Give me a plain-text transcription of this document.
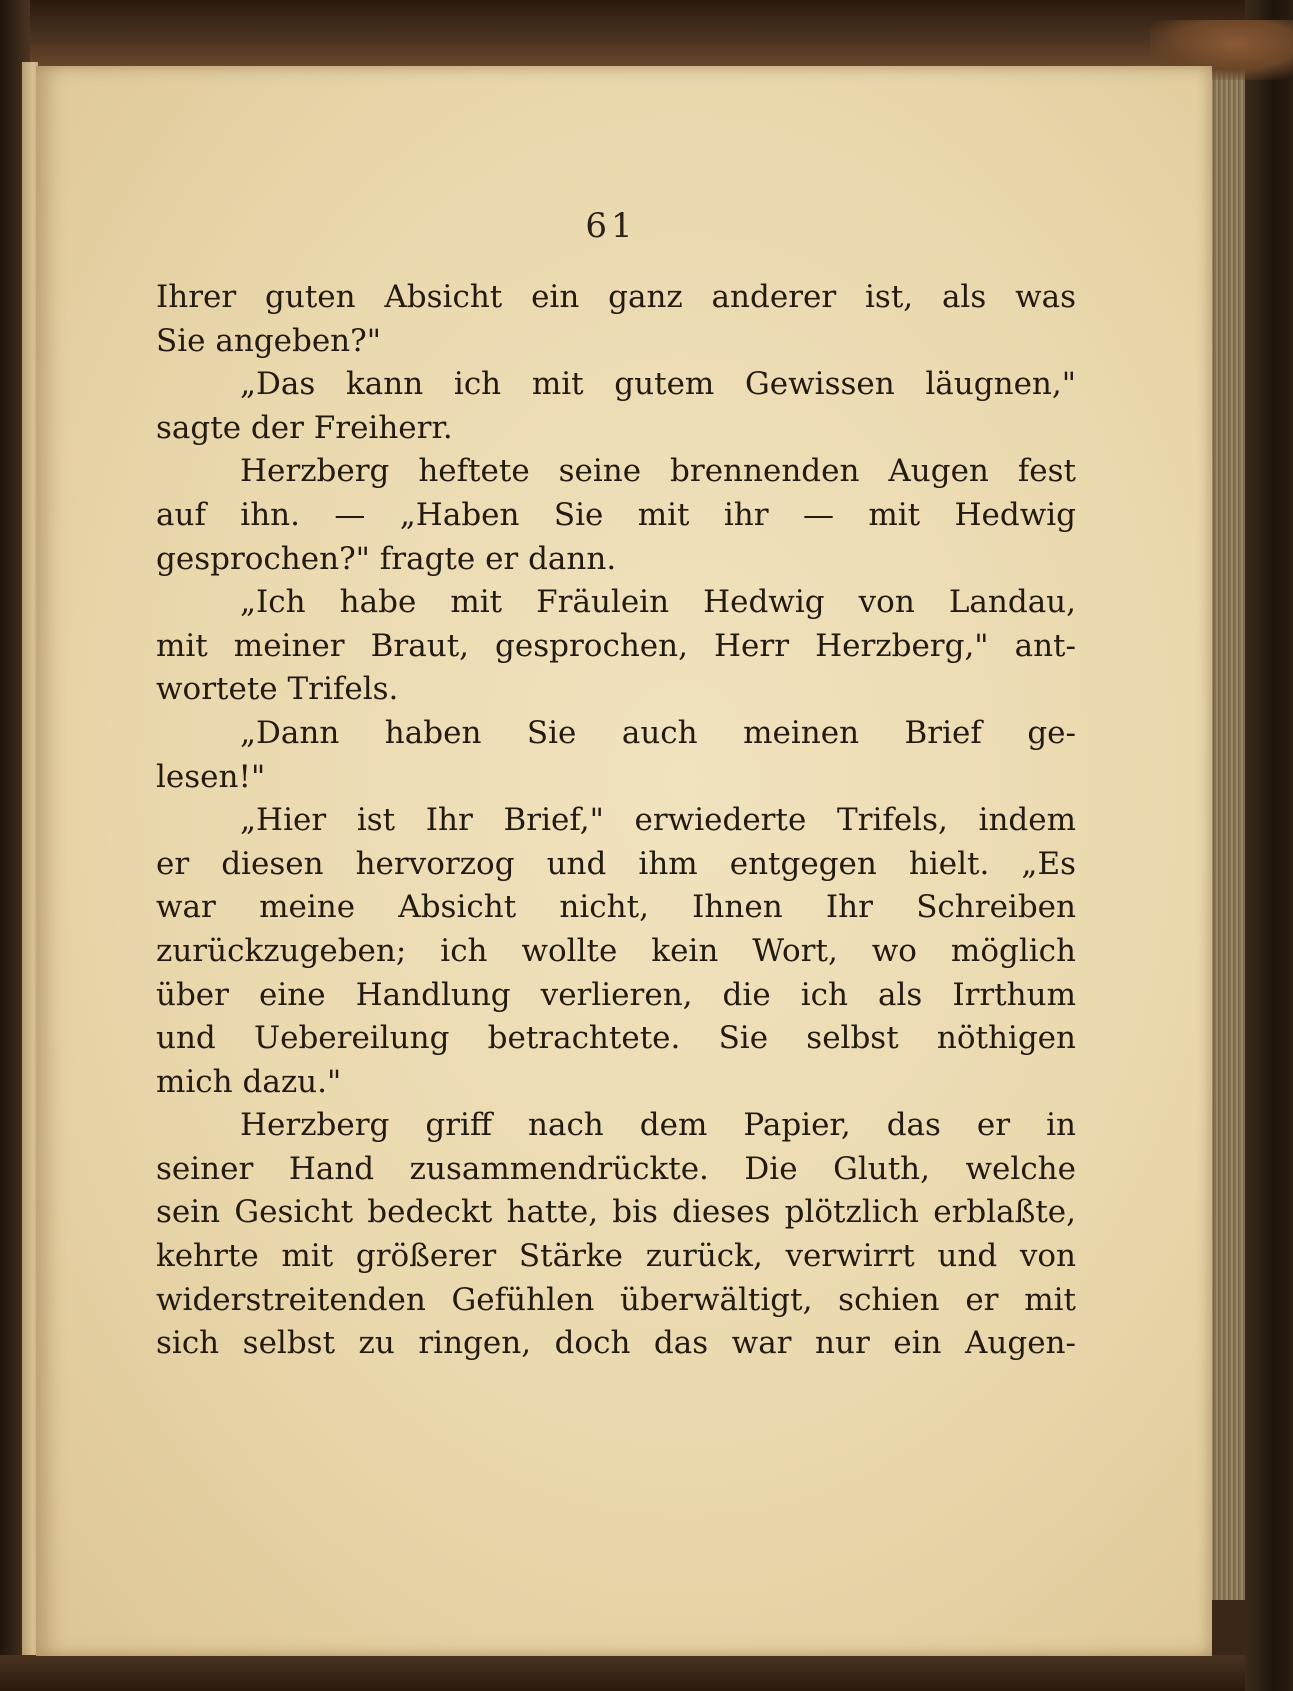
61
Ihrer guten Absicht ein ganz anderer ist, als was
Sie angeben?"
„Das kann ich mit gutem Gewissen läugnen,"
sagte der Freiherr.
Herzberg heftete seine brennenden Augen fest
auf ihn. — „Haben Sie mit ihr — mit Hedwig
gesprochen?" fragte er dann.
„Ich habe mit Fräulein Hedwig von Landau,
mit meiner Braut, gesprochen, Herr Herzberg," ant-
wortete Trifels.
„Dann haben Sie auch meinen Brief ge-
lesen!"
„Hier ist Ihr Brief," erwiederte Trifels, indem
er diesen hervorzog und ihm entgegen hielt. „Es
war meine Absicht nicht, Ihnen Ihr Schreiben
zurückzugeben; ich wollte kein Wort, wo möglich
über eine Handlung verlieren, die ich als Irrthum
und Uebereilung betrachtete. Sie selbst nöthigen
mich dazu."
Herzberg griff nach dem Papier, das er in
seiner Hand zusammendrückte. Die Gluth, welche
sein Gesicht bedeckt hatte, bis dieses plötzlich erblaßte,
kehrte mit größerer Stärke zurück, verwirrt und von
widerstreitenden Gefühlen überwältigt, schien er mit
sich selbst zu ringen, doch das war nur ein Augen-
